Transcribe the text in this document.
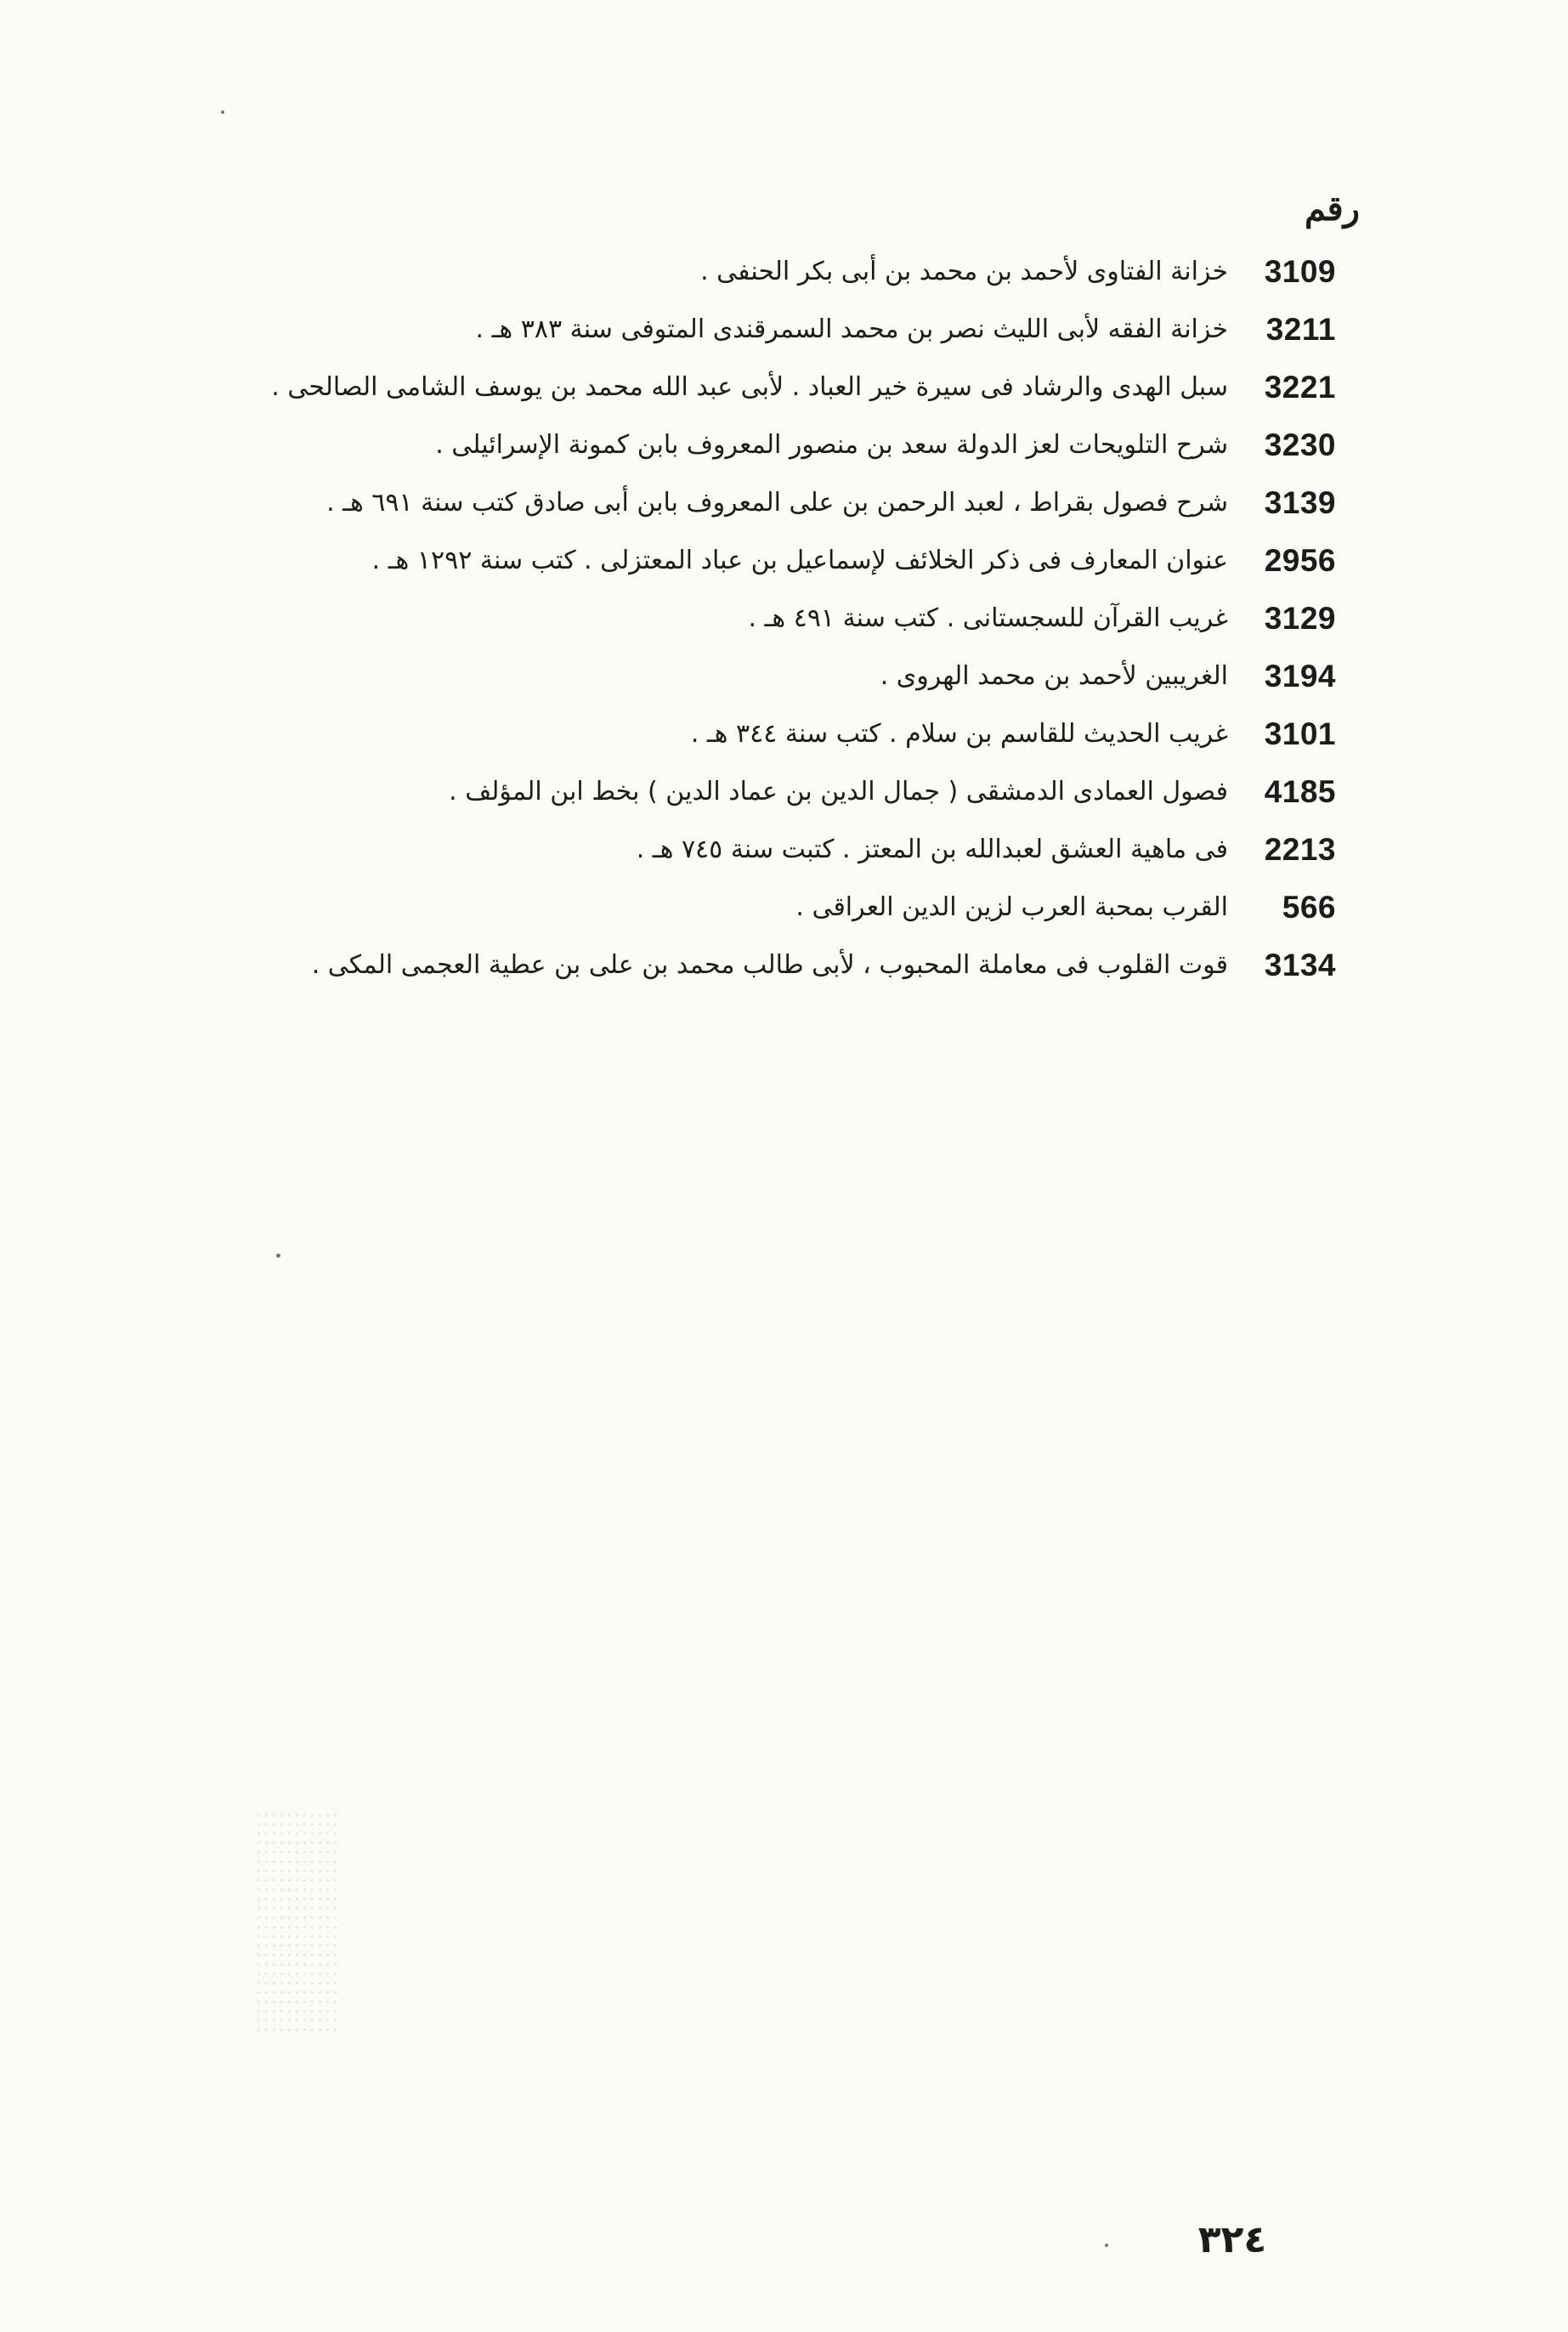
رقم
3109
خزانة الفتاوى لأحمد بن محمد بن أبى بكر الحنفى .
3211
خزانة الفقه لأبى الليث نصر بن محمد السمرقندى المتوفى سنة ٣٨٣ هـ .
3221
سبل الهدى والرشاد فى سيرة خير العباد . لأبى عبد الله محمد بن يوسف الشامى الصالحى .
3230
شرح التلويحات لعز الدولة سعد بن منصور المعروف بابن كمونة الإسرائيلى .
3139
شرح فصول بقراط ، لعبد الرحمن بن على المعروف بابن أبى صادق كتب سنة ٦٩١ هـ .
2956
عنوان المعارف فى ذكر الخلائف لإسماعيل بن عباد المعتزلى . كتب سنة ١٢٩٢ هـ .
3129
غريب القرآن للسجستانى . كتب سنة ٤٩١ هـ .
3194
الغريبين لأحمد بن محمد الهروى .
3101
غريب الحديث للقاسم بن سلام . كتب سنة ٣٤٤ هـ .
4185
فصول العمادى الدمشقى ( جمال الدين بن عماد الدين ) بخط ابن المؤلف .
2213
فى ماهية العشق لعبدالله بن المعتز . كتبت سنة ٧٤٥ هـ .
566
القرب بمحبة العرب لزين الدين العراقى .
3134
قوت القلوب فى معاملة المحبوب ، لأبى طالب محمد بن على بن عطية العجمى المكى .
٣٢٤
